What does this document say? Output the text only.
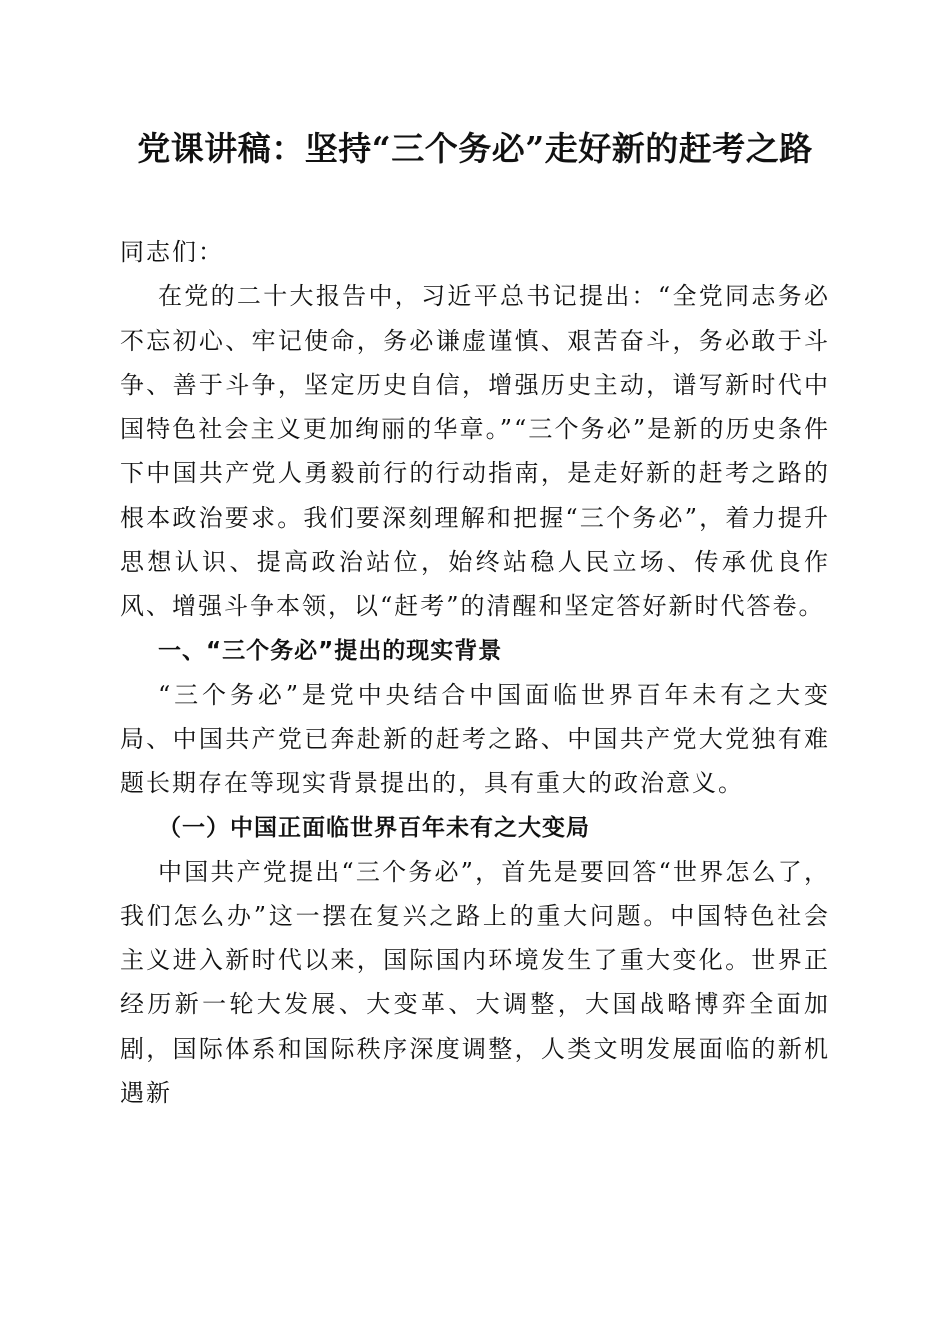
党课讲稿：坚持“三个务必”走好新的赶考之路

同志们：

在党的二十大报告中，习近平总书记提出：“全党同志务必不忘初心、牢记使命，务必谦虚谨慎、艰苦奋斗，务必敢于斗争、善于斗争，坚定历史自信，增强历史主动，谱写新时代中国特色社会主义更加绚丽的华章。”“三个务必”是新的历史条件下中国共产党人勇毅前行的行动指南，是走好新的赶考之路的根本政治要求。我们要深刻理解和把握“三个务必”，着力提升思想认识、提高政治站位，始终站稳人民立场、传承优良作风、增强斗争本领，以“赶考”的清醒和坚定答好新时代答卷。

一、“三个务必”提出的现实背景

“三个务必”是党中央结合中国面临世界百年未有之大变局、中国共产党已奔赴新的赶考之路、中国共产党大党独有难题长期存在等现实背景提出的，具有重大的政治意义。

（一）中国正面临世界百年未有之大变局

中国共产党提出“三个务必”，首先是要回答“世界怎么了，我们怎么办”这一摆在复兴之路上的重大问题。中国特色社会主义进入新时代以来，国际国内环境发生了重大变化。世界正经历新一轮大发展、大变革、大调整，大国战略博弈全面加剧，国际体系和国际秩序深度调整，人类文明发展面临的新机遇新
